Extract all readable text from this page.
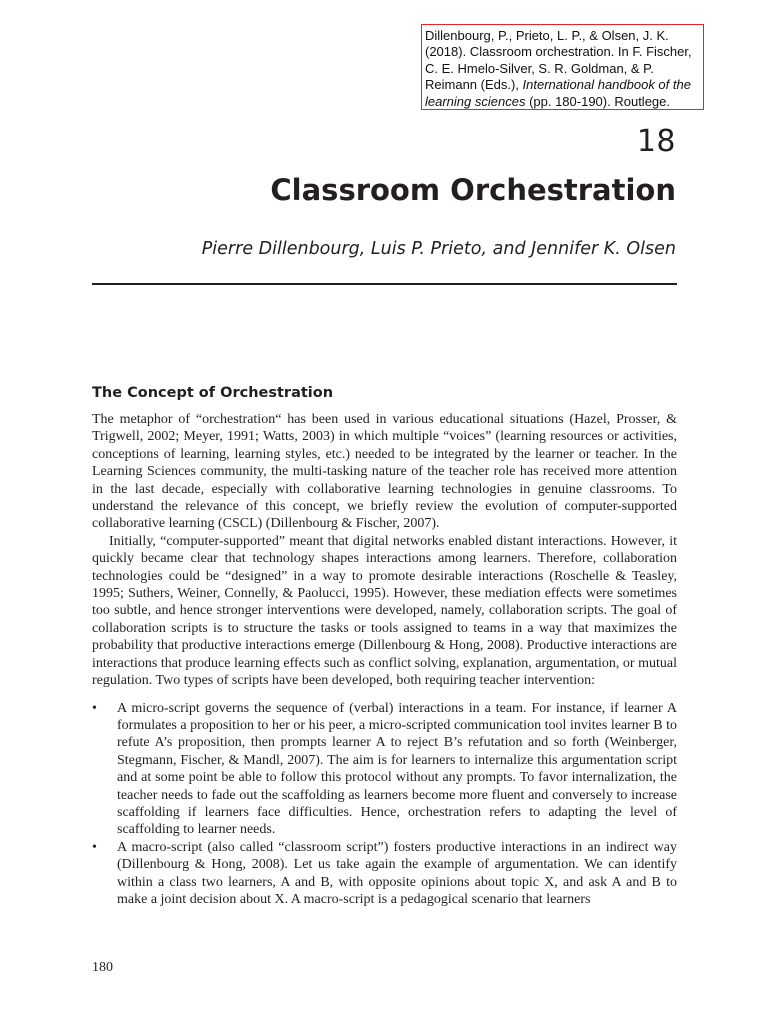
Dillenbourg, P., Prieto, L. P., & Olsen, J. K. (2018). Classroom orchestration. In F. Fischer, C. E. Hmelo-Silver, S. R. Goldman, & P. Reimann (Eds.), International handbook of the learning sciences (pp. 180-190). Routlege.
18
Classroom Orchestration
Pierre Dillenbourg, Luis P. Prieto, and Jennifer K. Olsen
The Concept of Orchestration

The metaphor of “orchestration“ has been used in various educational situations (Hazel, Prosser, & Trigwell, 2002; Meyer, 1991; Watts, 2003) in which multiple “voices” (learning resources or activities, conceptions of learning, learning styles, etc.) needed to be integrated by the learner or teacher. In the Learning Sciences community, the multi-tasking nature of the teacher role has received more attention in the last decade, especially with collaborative learning technologies in genuine classrooms. To understand the relevance of this concept, we briefly review the evolution of computer-supported collaborative learning (CSCL) (Dillenbourg & Fischer, 2007).

Initially, “computer-supported” meant that digital networks enabled distant interactions. However, it quickly became clear that technology shapes interactions among learners. Therefore, collaboration technologies could be “designed” in a way to promote desirable interactions (Roschelle & Teasley, 1995; Suthers, Weiner, Connelly, & Paolucci, 1995). However, these mediation effects were sometimes too subtle, and hence stronger interventions were developed, namely, collaboration scripts. The goal of collaboration scripts is to structure the tasks or tools assigned to teams in a way that maximizes the probability that productive interactions emerge (Dillenbourg & Hong, 2008). Productive interactions are interactions that produce learning effects such as conflict solving, explanation, argumentation, or mutual regulation. Two types of scripts have been developed, both requiring teacher intervention:

• A micro-script governs the sequence of (verbal) interactions in a team. For instance, if learner A formulates a proposition to her or his peer, a micro-scripted communication tool invites learner B to refute A’s proposition, then prompts learner A to reject B’s refutation and so forth (Weinberger, Stegmann, Fischer, & Mandl, 2007). The aim is for learners to internalize this argumentation script and at some point be able to follow this protocol without any prompts. To favor internalization, the teacher needs to fade out the scaffolding as learners become more fluent and conversely to increase scaffolding if learners face difficulties. Hence, orchestration refers to adapting the level of scaffolding to learner needs.
• A macro-script (also called “classroom script”) fosters productive interactions in an indirect way (Dillenbourg & Hong, 2008). Let us take again the example of argumentation. We can identify within a class two learners, A and B, with opposite opinions about topic X, and ask A and B to make a joint decision about X. A macro-script is a pedagogical scenario that learners
180
